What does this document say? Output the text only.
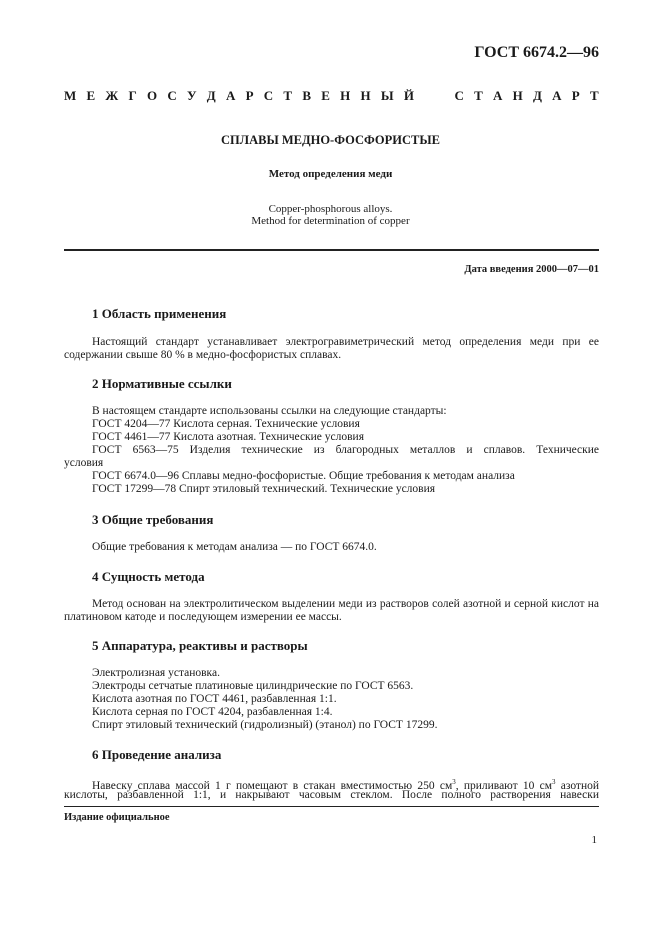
ГОСТ 6674.2—96
М Е Ж Г О С У Д А Р С Т В Е Н Н Ы Й	С Т А Н Д А Р Т
СПЛАВЫ МЕДНО-ФОСФОРИСТЫЕ
Метод определения меди
Copper-phosphorous alloys.
Method for determination of copper
Дата введения 2000—07—01
1 Область применения
Настоящий стандарт устанавливает электрогравиметрический метод определения меди при ее содержании свыше 80 % в медно-фосфористых сплавах.
2 Нормативные ссылки
В настоящем стандарте использованы ссылки на следующие стандарты:
ГОСТ 4204—77 Кислота серная. Технические условия
ГОСТ 4461—77 Кислота азотная. Технические условия
ГОСТ 6563—75 Изделия технические из благородных металлов и сплавов. Технические
условия
ГОСТ 6674.0—96 Сплавы медно-фосфористые. Общие требования к методам анализа
ГОСТ 17299—78 Спирт этиловый технический. Технические условия
3 Общие требования
Общие требования к методам анализа — по ГОСТ 6674.0.
4 Сущность метода
Метод основан на электролитическом выделении меди из растворов солей азотной и серной кислот на платиновом катоде и последующем измерении ее массы.
5 Аппаратура, реактивы и растворы
Электролизная установка.
Электроды сетчатые платиновые цилиндрические по ГОСТ 6563.
Кислота азотная по ГОСТ 4461, разбавленная 1:1.
Кислота серная по ГОСТ 4204, разбавленная 1:4.
Спирт этиловый технический (гидролизный) (этанол) по ГОСТ 17299.
6 Проведение анализа
Навеску сплава массой 1 г помещают в стакан вместимостью 250 $см^3$, приливают 10 $см^3$ азотной
кислоты, разбавленной 1:1, и накрывают часовым стеклом. После полного растворения навески
Издание официальное
1
